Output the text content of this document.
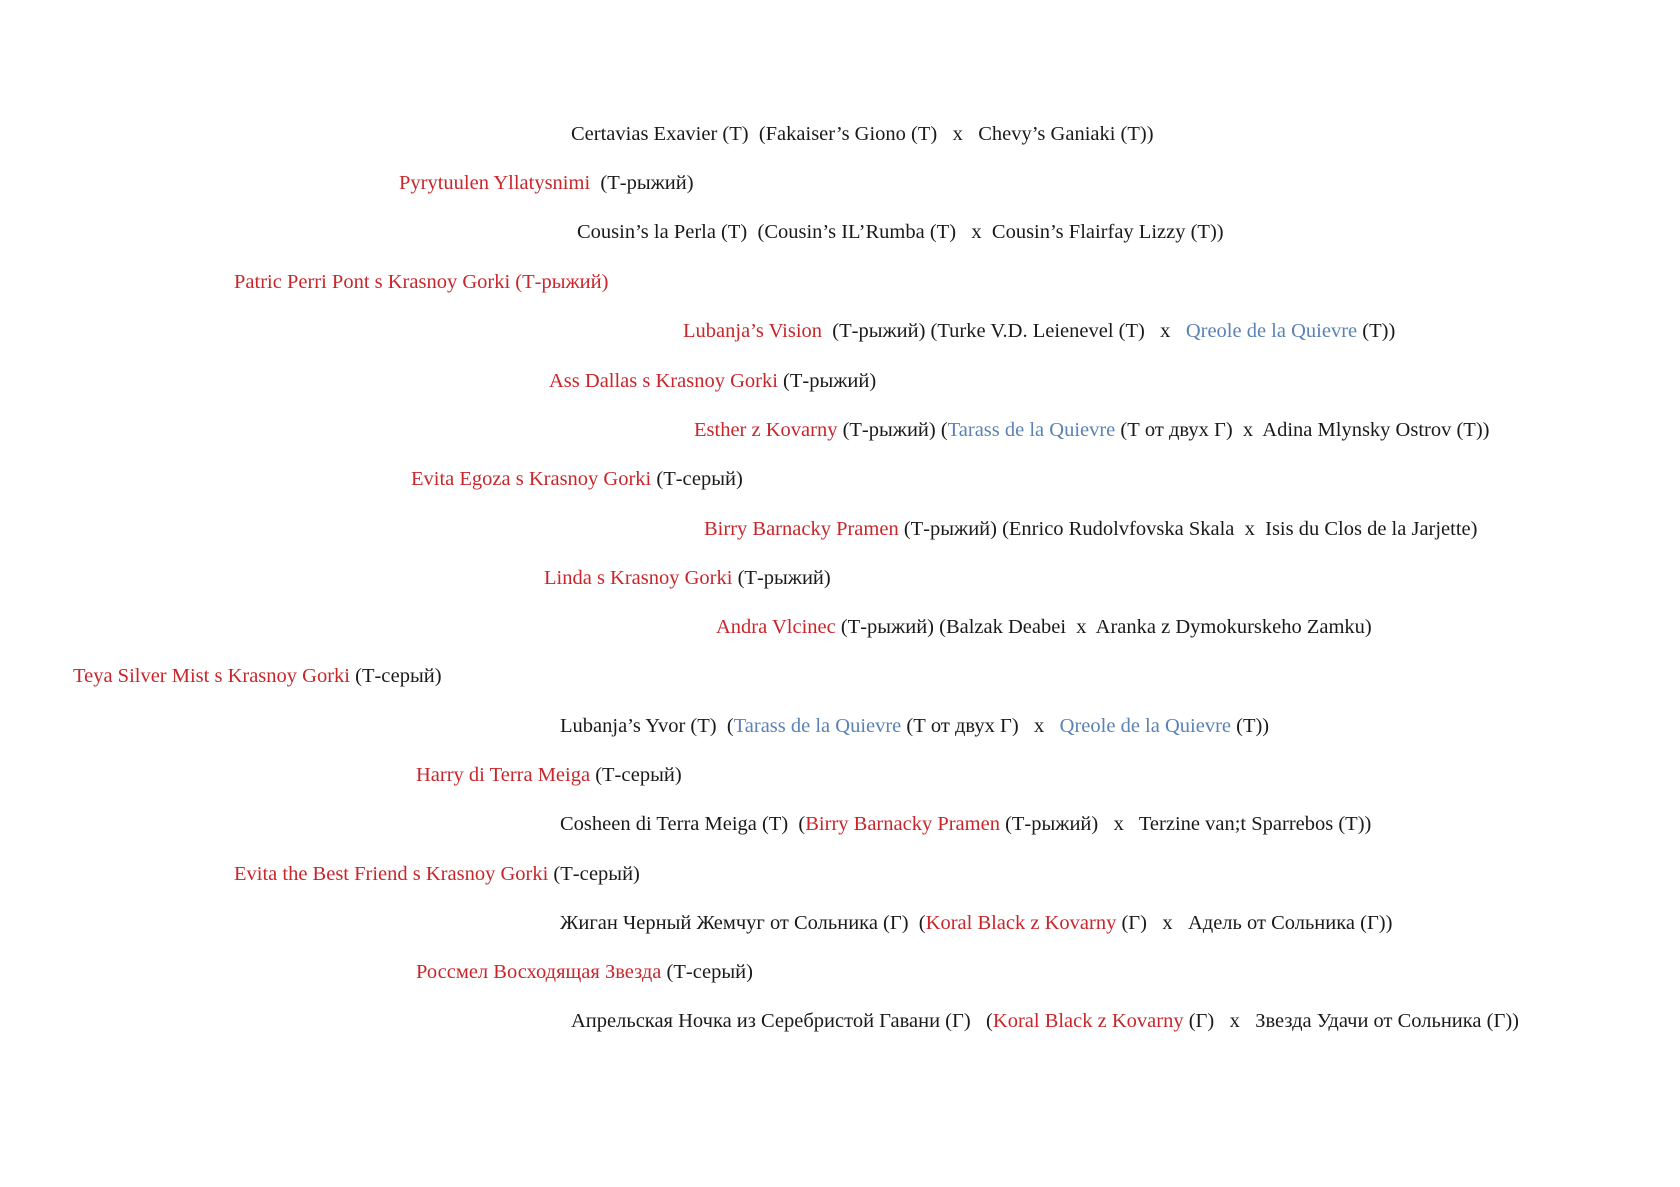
Certavias Exavier (Т)  (Fakaiser’s Giono (Т)   x   Chevy’s Ganiaki (Т))
Pyrytuulen Yllatysnimi  (Т-рыжий)
Cousin’s la Perla (Т)  (Cousin’s IL’Rumba (Т)   x  Cousin’s Flairfay Lizzy (Т))
Patric Perri Pont s Krasnoy Gorki (Т-рыжий)
Lubanja’s Vision  (Т-рыжий) (Turke V.D. Leienevel (Т)   x   Qreole de la Quievre (Т))
Ass Dallas s Krasnoy Gorki (Т-рыжий)
Esther z Kovarny (Т-рыжий) (Tarass de la Quievre (Т от двух Г)  x  Adina Mlynsky Ostrov (Т))
Evita Egoza s Krasnoy Gorki (Т-серый)
Birry Barnacky Pramen (Т-рыжий) (Enrico Rudolvfovska Skala  x  Isis du Clos de la Jarjette)
Linda s Krasnoy Gorki (Т-рыжий)
Andra Vlcinec (Т-рыжий) (Balzak Deabei  x  Aranka z Dymokurskeho Zamku)
Teya Silver Mist s Krasnoy Gorki (Т-серый)
Lubanja’s Yvor (Т)  (Tarass de la Quievre (Т от двух Г)   x   Qreole de la Quievre (Т))
Harry di Terra Meiga (Т-серый)
Cosheen di Terra Meiga (Т)  (Birry Barnacky Pramen (Т-рыжий)   x   Terzine van;t Sparrebos (Т))
Evita the Best Friend s Krasnoy Gorki (Т-серый)
Жиган Черный Жемчуг от Сольника (Г)  (Koral Black z Kovarny (Г)   x   Адель от Сольника (Г))
Россмел Восходящая Звезда (Т-серый)
Апрельская Ночка из Серебристой Гавани (Г)   (Koral Black z Kovarny (Г)   x   Звезда Удачи от Сольника (Г))
